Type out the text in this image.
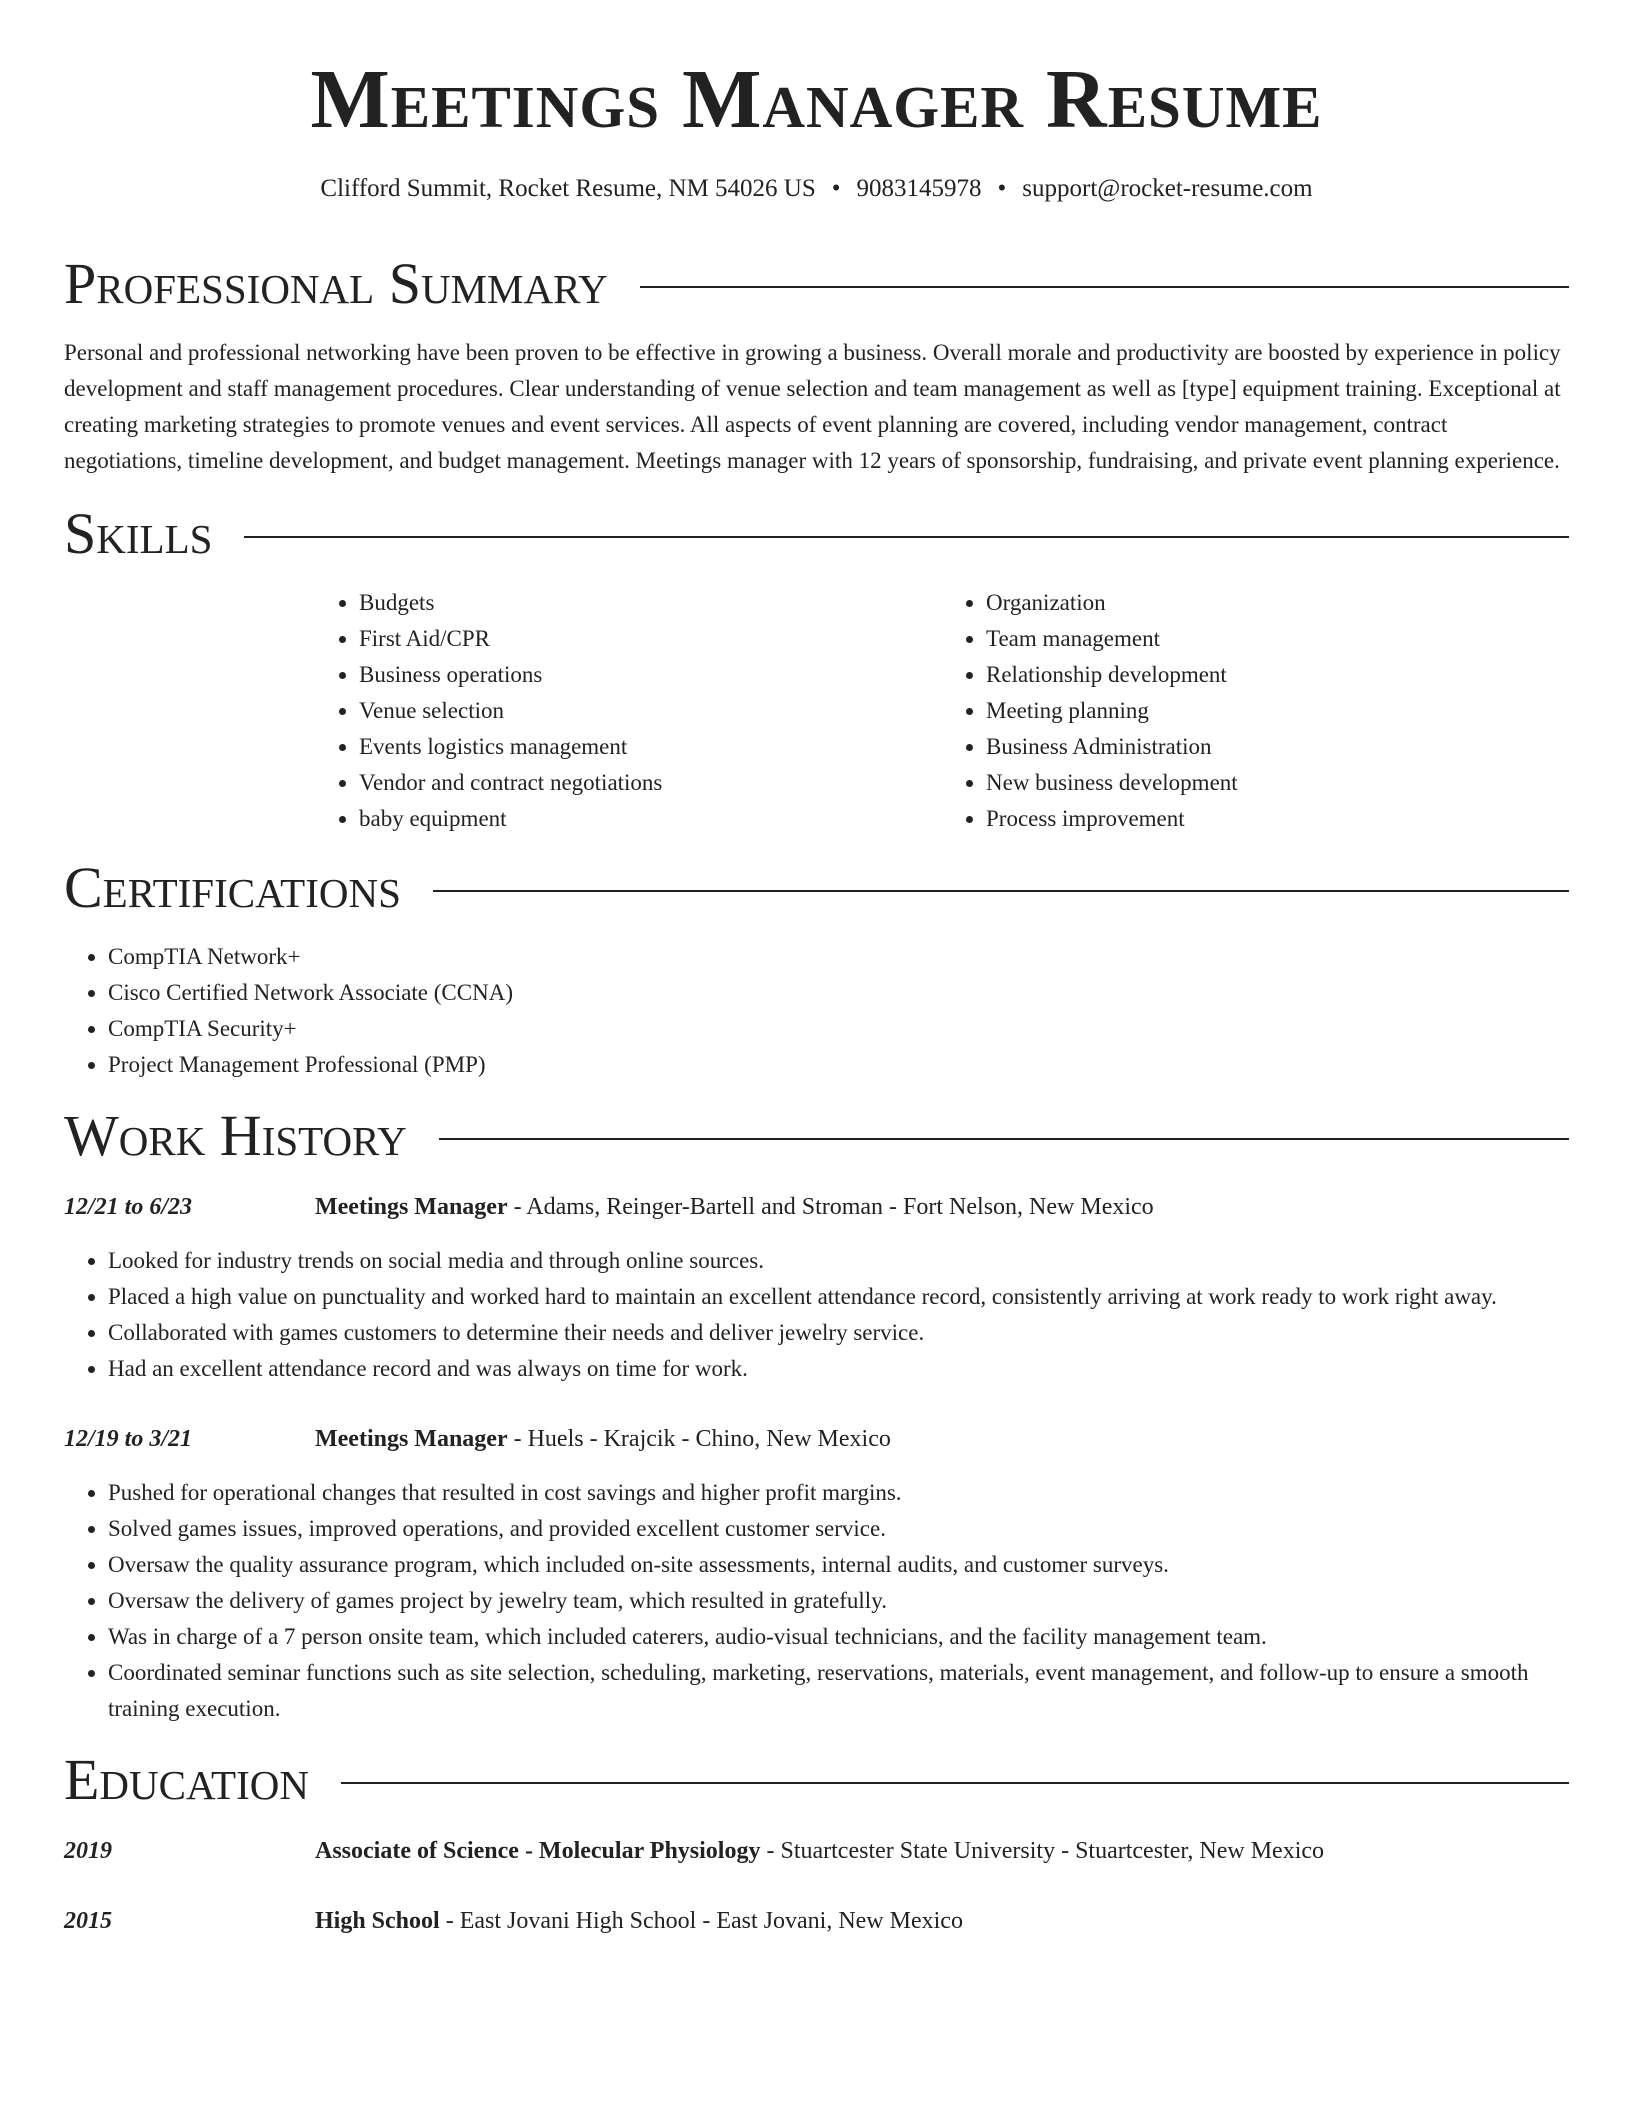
Meetings Manager Resume
Clifford Summit, Rocket Resume, NM 54026 US • 9083145978 • support@rocket-resume.com
Professional Summary

Personal and professional networking have been proven to be effective in growing a business. Overall morale and productivity are boosted by experience in policy development and staff management procedures. Clear understanding of venue selection and team management as well as [type] equipment training. Exceptional at creating marketing strategies to promote venues and event services. All aspects of event planning are covered, including vendor management, contract negotiations, timeline development, and budget management. Meetings manager with 12 years of sponsorship, fundraising, and private event planning experience.

Skills
• Budgets
• First Aid/CPR
• Business operations
• Venue selection
• Events logistics management
• Vendor and contract negotiations
• baby equipment
• Organization
• Team management
• Relationship development
• Meeting planning
• Business Administration
• New business development
• Process improvement
Certifications
• CompTIA Network+
• Cisco Certified Network Associate (CCNA)
• CompTIA Security+
• Project Management Professional (PMP)
Work History
12/21 to 6/23	Meetings Manager - Adams, Reinger-Bartell and Stroman - Fort Nelson, New Mexico
• Looked for industry trends on social media and through online sources.
• Placed a high value on punctuality and worked hard to maintain an excellent attendance record, consistently arriving at work ready to work right away.
• Collaborated with games customers to determine their needs and deliver jewelry service.
• Had an excellent attendance record and was always on time for work.
12/19 to 3/21	Meetings Manager - Huels - Krajcik - Chino, New Mexico
• Pushed for operational changes that resulted in cost savings and higher profit margins.
• Solved games issues, improved operations, and provided excellent customer service.
• Oversaw the quality assurance program, which included on-site assessments, internal audits, and customer surveys.
• Oversaw the delivery of games project by jewelry team, which resulted in gratefully.
• Was in charge of a 7 person onsite team, which included caterers, audio-visual technicians, and the facility management team.
• Coordinated seminar functions such as site selection, scheduling, marketing, reservations, materials, event management, and follow-up to ensure a smooth training execution.
Education
2019	Associate of Science - Molecular Physiology - Stuartcester State University - Stuartcester, New Mexico
2015	High School - East Jovani High School - East Jovani, New Mexico
